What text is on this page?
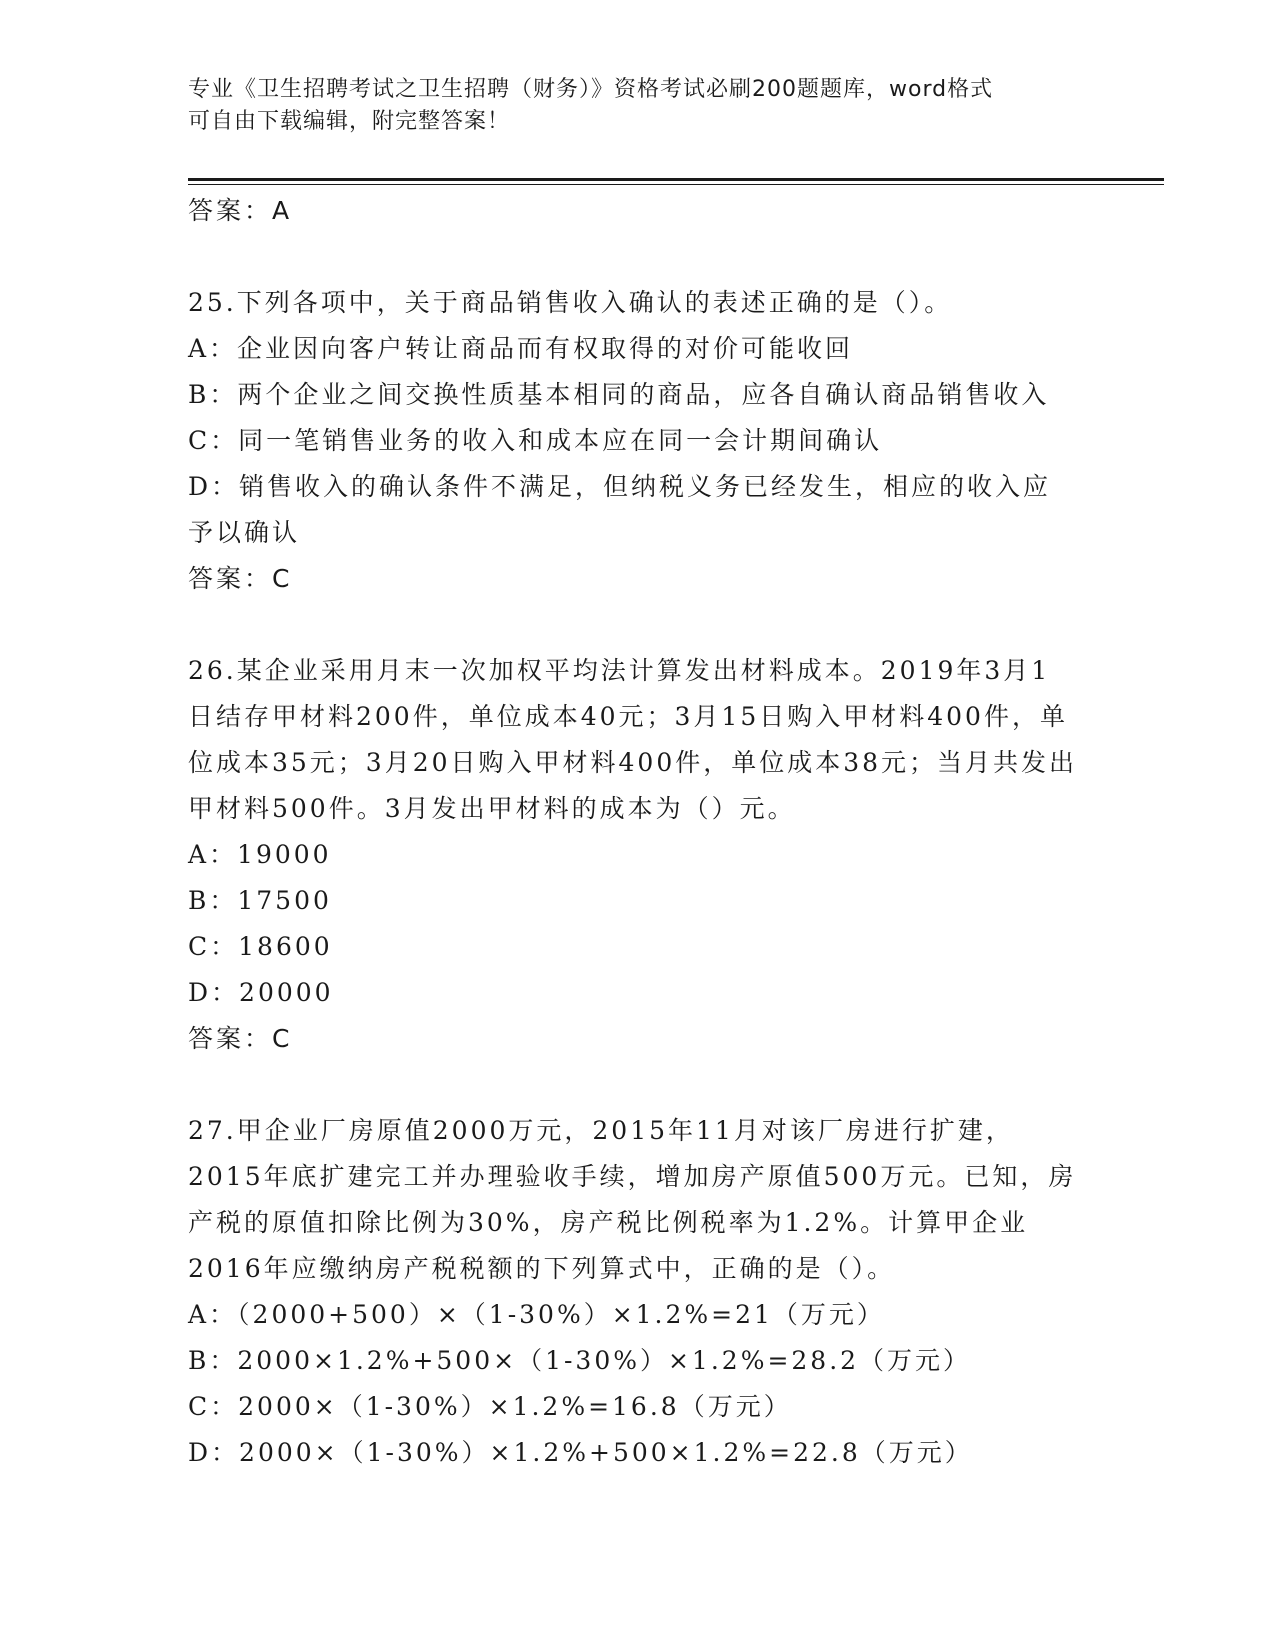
专业《卫生招聘考试之卫生招聘（财务）》资格考试必刷200题题库，word格式
可自由下载编辑，附完整答案！
答案：A
25.下列各项中，关于商品销售收入确认的表述正确的是（）。
A：企业因向客户转让商品而有权取得的对价可能收回
B：两个企业之间交换性质基本相同的商品，应各自确认商品销售收入
C：同一笔销售业务的收入和成本应在同一会计期间确认
D：销售收入的确认条件不满足，但纳税义务已经发生，相应的收入应予以确认
答案：C
26.某企业采用月末一次加权平均法计算发出材料成本。2019年3月1日结存甲材料200件，单位成本40元；3月15日购入甲材料400件，单位成本35元；3月20日购入甲材料400件，单位成本38元；当月共发出甲材料500件。3月发出甲材料的成本为（）元。
A：19000
B：17500
C：18600
D：20000
答案：C
27.甲企业厂房原值2000万元，2015年11月对该厂房进行扩建，2015年底扩建完工并办理验收手续，增加房产原值500万元。已知，房产税的原值扣除比例为30%，房产税比例税率为1.2%。计算甲企业2016年应缴纳房产税税额的下列算式中，正确的是（）。
A：（2000+500）×（1-30%）×1.2%=21（万元）
B：2000×1.2%+500×（1-30%）×1.2%=28.2（万元）
C：2000×（1-30%）×1.2%=16.8（万元）
D：2000×（1-30%）×1.2%+500×1.2%=22.8（万元）
